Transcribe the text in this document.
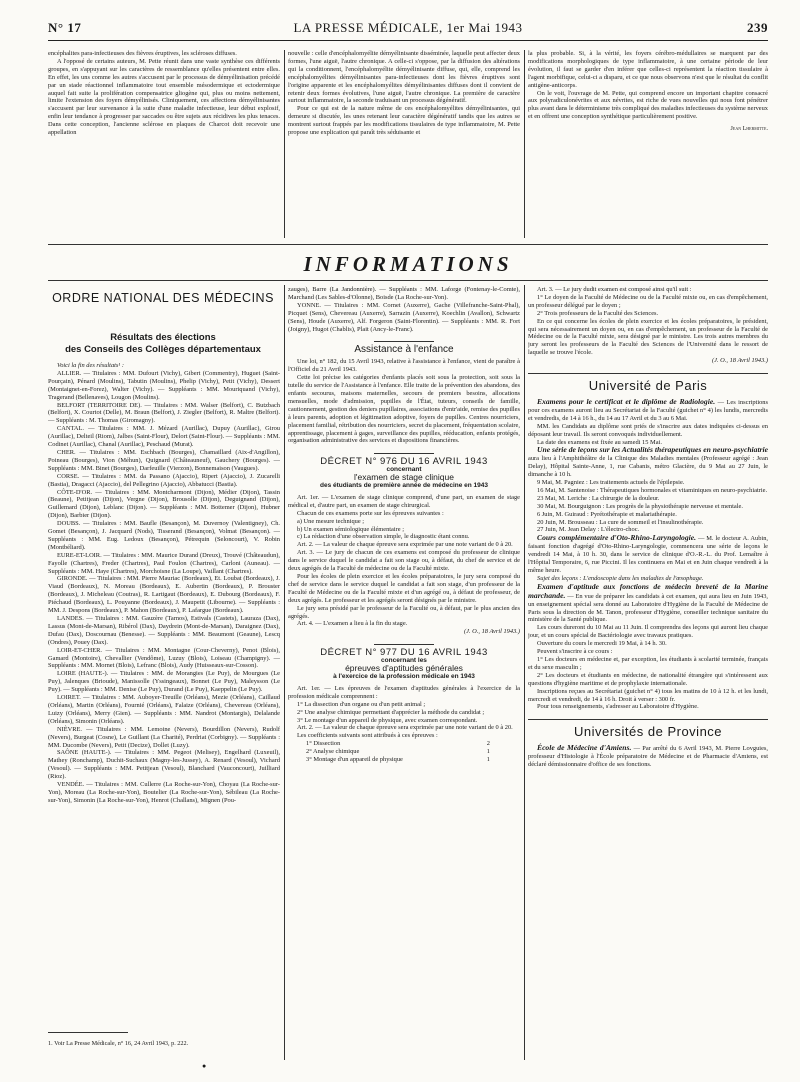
N° 17	LA PRESSE MÉDICALE, 1er Mai 1943	239

encéphalites para-infectieuses des fièvres éruptives, les scléroses diffuses.

A l'opposé de certains auteurs, M. Pette réunit dans une vaste synthèse ces différents groupes, en s'appuyant sur les caractères de ressemblance qu'elles présentent entre elles. En effet, les uns comme les autres s'accusent par le processus de démyélinisation précédé par un stade réactionnel inflammatoire tout ensemble mésodermique et ectodermique auquel fait suite la prolifération compensatrice gliogène qui, plus ou moins nettement, limite l'extension des foyers démyélinisés. Cliniquement, ces affections démyélinisantes s'accusent par leur survenance à la suite d'une maladie infectieuse, leur début explosif, enfin leur tendance à progresser par saccades ou être sujets aux récidives les plus tenaces. Dans cette conception, l'ancienne sclérose en plaques de Charcot doit recevoir une appellation

nouvelle : celle d'encéphalomyélite démyélinisante disséminée, laquelle peut affecter deux formes, l'une aiguë, l'autre chronique. A celle-ci s'oppose, par la diffusion des altérations qui la conditionnent, l'encéphalomyélite démyélinisante diffuse, qui, elle, comprend les encéphalomyélites démyélinisantes para-infectieuses dont les fièvres éruptives sont l'origine apparente et les encéphalomyélites démyélinisantes diffuses dont il convient de retenir deux formes évolutives, l'une aiguë, l'autre chronique. La première de caractère surtout inflammatoire, la seconde traduisant un processus dégénératif.

Pour ce qui est de la nature même de ces encéphalomyélites démyélinisantes, qui demeure si discutée, les unes retenant leur caractère dégénératif tandis que les autres se montrent surtout frappés par les modifications tissulaires de type inflammatoire, M. Pette propose une explication qui paraît très séduisante et

la plus probable. Si, à la vérité, les foyers cérébro-médullaires se marquent par des modifications morphologiques de type inflammatoire, à une certaine période de leur évolution, il faut se garder d'en inférer que celles-ci représentent la réaction tissulaire à l'agent morbifique, celui-ci a disparu, et ce que nous observons n'est que le résultat du conflit antigène-anticorps.

On le voit, l'ouvrage de M. Pette, qui comprend encore un important chapitre consacré aux polyradiculonévrites et aux névrites, est riche de vues nouvelles qui nous font pénétrer plus avant dans le déterminisme très compliqué des maladies infectieuses du système nerveux et en offrent une conception synthétique particulièrement positive.

Jean Lhermitte.
INFORMATIONS
ORDRE NATIONAL DES MÉDECINS
Résultats des élections
des Conseils des Collèges départementaux

Voici la fin des résultats¹ :

ALLIER. — Titulaires : MM. Dufourt (Vichy), Gibert (Commentry), Huguet (Saint-Pourçain), Pénard (Moulins), Tabutin (Moulins), Phelip (Vichy), Petit (Vichy), Dessert (Montaignet-en-Forez), Walter (Vichy). — Suppléants : MM. Mouriquand (Vichy), Tragerand (Bellenaves), Lougon (Moulins).

BELFORT (TERRITOIRE DE). — Titulaires : MM. Walser (Belfort), C. Butzbach (Belfort), X. Courtot (Delle), M. Braun (Belfort), J. Ziegler (Belfort), R. Maltre (Belfort). — Suppléants : M. Thomas (Giromagny).

CANTAL. — Titulaires : MM. J. Mézard (Aurillac), Dupuy (Aurillac), Girou (Aurillac), Delteil (Riom), Jalbes (Saint-Flour), Delort (Saint-Flour). — Suppléants : MM. Codinet (Aurillac), Chanal (Aurillac), Peschaud (Murat).

CHER. — Titulaires : MM. Eschbach (Bourges), Chamaillard (Aix-d'Angillon), Poineau (Bourges), Vion (Méhun), Quignard (Châteauneuf), Gauchery (Bourges). — Suppléants : MM. Binet (Bourges), Darfeuille (Vierzon), Bonnemaison (Vaugues).

CORSE. — Titulaires : MM. da Passano (Ajaccio), Ripert (Ajaccio), J. Zucarelli (Bastia), Dragacci (Ajaccio), del Pellegrino (Ajaccio), Abbatucci (Bastia).

CÔTE-D'OR. — Titulaires : MM. Montcharmont (Dijon), Médier (Dijon), Tassin (Beaune), Petitjean (Dijon), Vergne (Dijon), Brousolle (Dijon), Deguignand (Dijon), Guillemard (Dijon), Leblanc (Dijon). — Suppléants : MM. Bottemer (Dijon), Hubner (Dijon), Barbier (Dijon).

DOUBS. — Titulaires : MM. Baufle (Besançon), M. Duvernoy (Valentigney), Ch. Gomet (Besançon), J. Jacquard (Nods), Tisserand (Besançon), Volmat (Besançon). — Suppléants : MM. Eug. Ledoux (Besançon), Pétrequin (Seloncourt), V. Robin (Montbéliard).

EURE-ET-LOIR. — Titulaires : MM. Maurice Durand (Dreux), Trouvé (Châteaudun), Fayolle (Chartres), Freder (Chartres), Paul Foulon (Chartres), Carloni (Auneau). — Suppléants : MM. Haye (Chartres), Morchoisne (La Loupe), Vaillant (Chartres).

GIRONDE. — Titulaires : MM. Pierre Mauriac (Bordeaux), Et. Loubat (Bordeaux), J. Viaud (Bordeaux), N. Moreau (Bordeaux), E. Aubertin (Bordeaux), P. Brouster (Bordeaux), J. Micheleau (Coutras), R. Lartigaut (Bordeaux), E. Dubourg (Bordeaux), F. Piéchaud (Bordeaux), L. Pouyanne (Bordeaux), J. Maupetit (Libourne). — Suppléants : MM. J. Despons (Bordeaux), P. Mahon (Bordeaux), P. Lafargue (Bordeaux).

LANDES. — Titulaires : MM. Gauzère (Tarnos), Estivals (Castets), Lauraza (Dax), Lassus (Mont-de-Marsan), Ribérol (Dax), Daydrein (Mont-de-Marsan), Daraignez (Dax), Dufau (Dax), Doscournau (Benesse). — Suppléants : MM. Beaumont (Geaune), Lescq (Ondres), Pouey (Dax).

LOIR-ET-CHER. — Titulaires : MM. Montagne (Cour-Cheverny), Penot (Blois), Gamard (Montoire), Chevallier (Vendôme), Luzuy (Blois), Loiseau (Champigny). — Suppléants : MM. Mornet (Blois), Lefranc (Blois), Audy (Huisseaux-sur-Cosson).

LOIRE (HAUTE-). — Titulaires : MM. de Morangies (Le Puy), de Mourgues (Le Puy), Jalenques (Brioude), Manissolle (Yssingeaux), Bonnet (Le Puy), Maleysson (Le Puy). — Suppléants : MM. Denise (Le Puy), Durand (Le Puy), Kaeppelin (Le Puy).

LOIRET. — Titulaires : MM. Auboyer-Treuille (Orléans), Mezie (Orléans), Caillaud (Orléans), Martin (Orléans), Fournié (Orléans), Falaize (Orléans), Chevereau (Orléans), Luizy (Orléans), Merry (Gien). — Suppléants : MM. Nandrot (Montargis), Delalande (Orléans), Simonin (Orléans).

NIÈVRE. — Titulaires : MM. Lemoine (Nevers), Bourdillon (Nevers), Rudolf (Nevers), Burgeat (Cosne), Le Guillant (La Charité), Perdriat (Corbigny). — Suppléants : MM. Ducombe (Nevers), Petit (Decize), Dollet (Luzy).

SAÔNE (HAUTE-). — Titulaires : MM. Pegeot (Melisey), Engelhard (Luxeuil), Mathey (Ronchamp), Duchit-Suchaux (Magny-les-Jussey), A. Renard (Vesoul), Vichard (Vesoul). — Suppléants : MM. Petitjean (Vesoul), Blanchard (Vauconcourt), Juilliard (Rioz).

VENDÉE. — Titulaires : MM. Cullerre (La Roche-sur-Yon), Choyau (La Roche-sur-Yon), Moreau (La Roche-sur-Yon), Boutelier (La Roche-sur-Yon), Sébileau (La Roche-sur-Yon), Simonin (La Roche-sur-Yon), Henrot (Challans), Mignen (Pou-

1. Voir La Presse Médicale, n° 16, 24 Avril 1943, p. 222.

zauges), Barre (La Jandonnière). — Suppléants : MM. Laforge (Fontenay-le-Comte), Marchand (Les Sables-d'Olonne), Boisde (La Roche-sur-Yon).

YONNE. — Titulaires : MM. Cornet (Auxerre), Gache (Villefranche-Saint-Phal), Picquet (Sens), Chevereau (Auxerre), Sarrazin (Auxerre), Koechlin (Avallon), Schwartz (Sens), Houde (Auxerre), Alf. Forgeron (Saint-Florentin). — Suppléants : MM. R. Fort (Joigny), Hugot (Chablis), Plait (Ancy-le-Franc).

Assistance à l'enfance

Une loi, n° 182, du 15 Avril 1943, relative à l'assistance à l'enfance, vient de paraître à l'Officiel du 21 Avril 1943.

Cette loi précise les catégories d'enfants placés soit sous la protection, soit sous la tutelle du service de l'Assistance à l'enfance. Elle traite de la prévention des abandons, des enfants secourus, maisons maternelles, secours de premiers besoins, allocations mensuelles, mode d'admission, pupilles de l'État, tuteurs, conseils de famille, cautionnement, gestion des deniers pupillaires, associations d'entr'aide, remise des pupilles à leurs parents, adoption et légitimation adoptive, foyers de pupilles. Centres nourriciers, placement familial, rétribution des nourriciers, secret du placement, fréquentation scolaire, apprentissage, placement à gages, surveillance des pupilles, rééducation, enfants protégés, organisation administrative des services et dispositions financières.

DÉCRET N° 976 DU 16 AVRIL 1943
concernant
l'examen de stage clinique
des étudiants de première année de médecine en 1943

Art. 1er. — L'examen de stage clinique comprend, d'une part, un examen de stage médical et, d'autre part, un examen de stage chirurgical.

Chacun de ces examens porte sur les épreuves suivantes :

a) Une mesure technique ;

b) Un examen sémiologique élémentaire ;

c) La rédaction d'une observation simple, le diagnostic étant connu.

Art. 2. — La valeur de chaque épreuve sera exprimée par une note variant de 0 à 20.

Art. 3. — Le jury de chacun de ces examens est composé du professeur de clinique dans le service duquel le candidat a fait son stage ou, à défaut, du chef de service et de deux agrégés de la Faculté de médecine ou de la Faculté mixte.

Pour les écoles de plein exercice et les écoles préparatoires, le jury sera composé du chef de service dans le service duquel le candidat a fait son stage, d'un professeur de la Faculté de Médecine ou de la Faculté mixte et d'un agrégé ou, à défaut de professeur, de deux agrégés. Le professeur et les agrégés seront désignés par le ministre.

Le jury sera présidé par le professeur de la Faculté ou, à défaut, par le plus ancien des agrégés.

Art. 4. — L'examen a lieu à la fin du stage.

(J. O., 18 Avril 1943.)
DÉCRET N° 977 DU 16 AVRIL 1943
concernant les
épreuves d'aptitudes générales
à l'exercice de la profession médicale en 1943

Art. 1er. — Les épreuves de l'examen d'aptitudes générales à l'exercice de la profession médicale comprennent :

1° La dissection d'un organe ou d'un petit animal ;

2° Une analyse chimique permettant d'apprécier la méthode du candidat ;

3° Le montage d'un appareil de physique, avec examen correspondant.

Art. 2. — La valeur de chaque épreuve sera exprimée par une note variant de 0 à 20.

Les coefficients suivants sont attribués à ces épreuves :

1° Dissection	2
2° Analyse chimique	1
3° Montage d'un appareil de physique	1

Art. 3. — Le jury dudit examen est composé ainsi qu'il suit :

1° Le doyen de la Faculté de Médecine ou de la Faculté mixte ou, en cas d'empêchement, un professeur délégué par le doyen ;

2° Trois professeurs de la Faculté des Sciences.

En ce qui concerne les écoles de plein exercice et les écoles préparatoires, le président, qui sera nécessairement un doyen ou, en cas d'empêchement, un professeur de la Faculté de Médecine ou de la Faculté mixte, sera désigné par le ministre. Les trois autres membres du jury seront les professeurs de la Faculté des Sciences de l'Université dans le ressort de laquelle se trouve l'école.

(J. O., 18 Avril 1943.)
Université de Paris

Examens pour le certificat et le diplôme de Radiologie. — Les inscriptions pour ces examens auront lieu au Secrétariat de la Faculté (guichet n° 4) les lundis, mercredis et vendredis, de 14 à 16 h., du 14 au 17 Avril et du 3 au 6 Mai.

MM. les Candidats au diplôme sont priés de s'inscrire aux dates indiquées ci-dessus en déposant leur travail. Ils seront convoqués individuellement.

La date des examens est fixée au samedi 15 Mai.

Une série de leçons sur les Actualités thérapeutiques en neuro-psychiatrie aura lieu à l'Amphithéâtre de la Clinique des Maladies mentales (Professeur agrégé : Jean Delay), Hôpital Sainte-Anne, 1, rue Cabanis, métro Glacière, du 9 Mai au 27 Juin, le dimanche à 10 h.

9 Mai, M. Pagniez : Les traitements actuels de l'épilepsie.

16 Mai, M. Santenoise : Thérapeutiques hormonales et vitaminiques en neuro-psychiatrie.

23 Mai, M. Leriche : La chirurgie de la douleur.

30 Mai, M. Bourguignon : Les progrès de la physiothérapie nerveuse et mentale.

6 Juin, M. Guiraud : Pyrétothérapie et malariathérapie.

20 Juin, M. Brousseau : La cure de sommeil et l'insulinothérapie.

27 Juin, M. Jean Delay : L'électro-choc.

Cours complémentaire d'Oto-Rhino-Laryngologie. — M. le docteur A. Aubin, faisant fonction d'agrégé d'Oto-Rhino-Laryngologie, commencera une série de leçons le vendredi 14 Mai, à 10 h. 30, dans le service de clinique d'O.-R.-L. du Prof. Lemaître à l'Hôpital Temporaire, 6, rue Piccini. Il les continuera en Mai et en Juin chaque vendredi à la même heure.

Sujet des leçons : L'endoscopie dans les maladies de l'œsophage.

Examen d'aptitude aux fonctions de médecin breveté de la Marine marchande. — En vue de préparer les candidats à cet examen, qui aura lieu en Juin 1943, un enseignement spécial sera donné au Laboratoire d'Hygiène de la Faculté de Médecine de Paris sous la direction de M. Tanon, professeur d'Hygiène, conseiller technique sanitaire du ministère de la Santé publique.

Les cours dureront du 10 Mai au 11 Juin. Il comprendra des leçons qui auront lieu chaque jour, et un cours spécial de Bactériologie avec travaux pratiques.

Ouverture du cours le mercredi 19 Mai, à 14 h. 30.

Peuvent s'inscrire à ce cours :

1° Les docteurs en médecine et, par exception, les étudiants à scolarité terminée, français et du sexe masculin ;

2° Les docteurs et étudiants en médecine, de nationalité étrangère qui s'intéressent aux questions d'hygiène maritime et de prophylaxie internationale.

Inscriptions reçues au Secrétariat (guichet n° 4) tous les matins de 10 à 12 h. et les lundi, mercredi et vendredi, de 14 à 16 h. Droit à verser : 300 fr.

Pour tous renseignements, s'adresser au Laboratoire d'Hygiène.

Universités de Province

École de Médecine d'Amiens. — Par arrêté du 6 Avril 1943, M. Pierre Lovguies, professeur d'Histologie à l'École préparatoire de Médecine et de Pharmacie d'Amiens, est déclaré démissionnaire d'office de ses fonctions.

●
